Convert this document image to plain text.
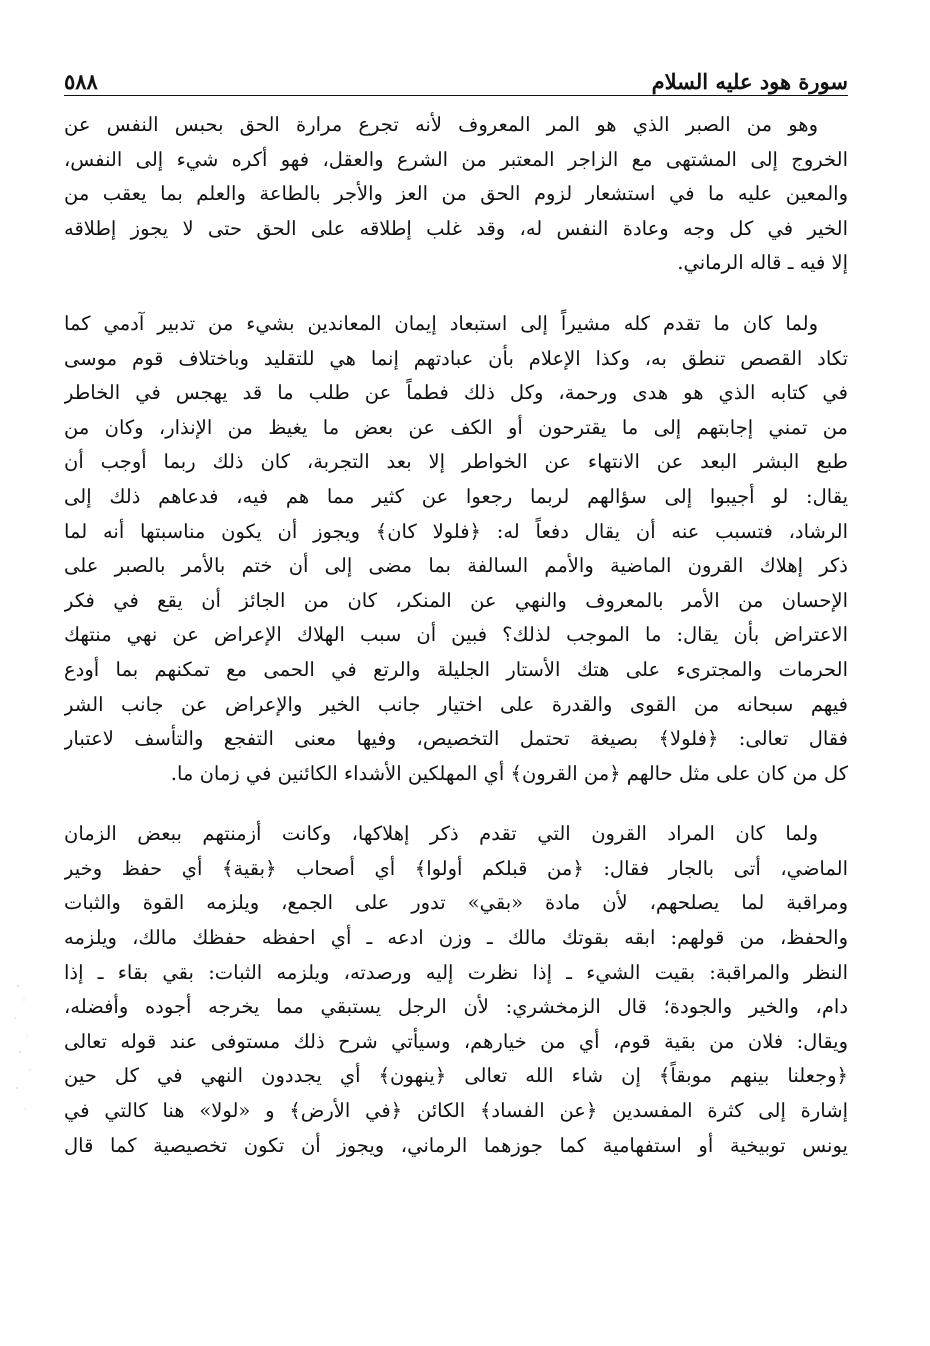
سورة هود عليه السلام
٥٨٨
وهو من الصبر الذي هو المر المعروف لأنه تجرع مرارة الحق بحبس النفس عن
الخروج إلى المشتهى مع الزاجر المعتبر من الشرع والعقل، فهو أكره شيء إلى النفس،
والمعين عليه ما في استشعار لزوم الحق من العز والأجر بالطاعة والعلم بما يعقب من
الخير في كل وجه وعادة النفس له، وقد غلب إطلاقه على الحق حتى لا يجوز إطلاقه
إلا فيه ـ قاله الرماني.
ولما كان ما تقدم كله مشيراً إلى استبعاد إيمان المعاندين بشيء من تدبير آدمي كما
تكاد القصص تنطق به، وكذا الإعلام بأن عبادتهم إنما هي للتقليد وباختلاف قوم موسى
في كتابه الذي هو هدى ورحمة، وكل ذلك فطماً عن طلب ما قد يهجس في الخاطر
من تمني إجابتهم إلى ما يقترحون أو الكف عن بعض ما يغيظ من الإنذار، وكان من
طبع البشر البعد عن الانتهاء عن الخواطر إلا بعد التجربة، كان ذلك ربما أوجب أن
يقال: لو أجيبوا إلى سؤالهم لربما رجعوا عن كثير مما هم فيه، فدعاهم ذلك إلى
الرشاد، فتسبب عنه أن يقال دفعاً له: ﴿فلولا كان﴾ ويجوز أن يكون مناسبتها أنه لما
ذكر إهلاك القرون الماضية والأمم السالفة بما مضى إلى أن ختم بالأمر بالصبر على
الإحسان من الأمر بالمعروف والنهي عن المنكر، كان من الجائز أن يقع في فكر
الاعتراض بأن يقال: ما الموجب لذلك؟ فبين أن سبب الهلاك الإعراض عن نهي منتهك
الحرمات والمجترىء على هتك الأستار الجليلة والرتع في الحمى مع تمكنهم بما أودع
فيهم سبحانه من القوى والقدرة على اختيار جانب الخير والإعراض عن جانب الشر
فقال تعالى: ﴿فلولا﴾ بصيغة تحتمل التخصيص، وفيها معنى التفجع والتأسف لاعتبار
كل من كان على مثل حالهم ﴿من القرون﴾ أي المهلكين الأشداء الكائنين في زمان ما.
ولما كان المراد القرون التي تقدم ذكر إهلاكها، وكانت أزمنتهم ببعض الزمان
الماضي، أتى بالجار فقال: ﴿من قبلكم أولوا﴾ أي أصحاب ﴿بقية﴾ أي حفظ وخير
ومراقبة لما يصلحهم، لأن مادة «بقي» تدور على الجمع، ويلزمه القوة والثبات
والحفظ، من قولهم: ابقه بقوتك مالك ـ وزن ادعه ـ أي احفظه حفظك مالك، ويلزمه
النظر والمراقبة: بقيت الشيء ـ إذا نظرت إليه ورصدته، ويلزمه الثبات: بقي بقاء ـ إذا
دام، والخير والجودة؛ قال الزمخشري: لأن الرجل يستبقي مما يخرجه أجوده وأفضله،
ويقال: فلان من بقية قوم، أي من خيارهم، وسيأتي شرح ذلك مستوفى عند قوله تعالى
﴿وجعلنا بينهم موبقاً﴾ إن شاء الله تعالى ﴿ينهون﴾ أي يجددون النهي في كل حين
إشارة إلى كثرة المفسدين ﴿عن الفساد﴾ الكائن ﴿في الأرض﴾ و «لولا» هنا كالتي في
يونس توبيخية أو استفهامية كما جوزهما الرماني، ويجوز أن تكون تخصيصية كما قال
